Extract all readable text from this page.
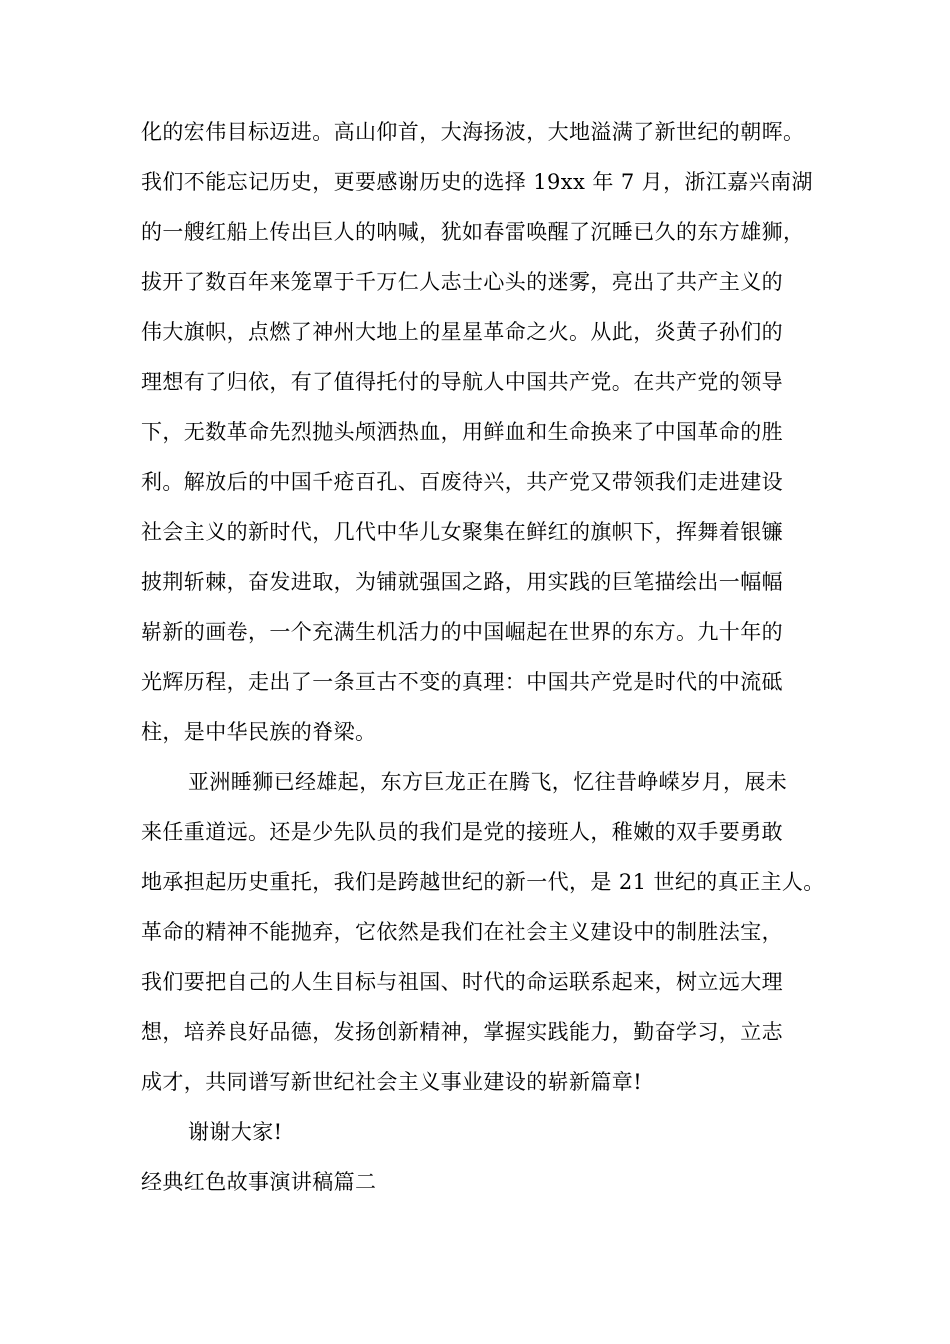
化的宏伟目标迈进。高山仰首，大海扬波，大地溢满了新世纪的朝晖。
我们不能忘记历史，更要感谢历史的选择 19xx 年 7 月，浙江嘉兴南湖
的一艘红船上传出巨人的呐喊，犹如春雷唤醒了沉睡已久的东方雄狮，
拔开了数百年来笼罩于千万仁人志士心头的迷雾，亮出了共产主义的
伟大旗帜，点燃了神州大地上的星星革命之火。从此，炎黄子孙们的
理想有了归依，有了值得托付的导航人中国共产党。在共产党的领导
下，无数革命先烈抛头颅洒热血，用鲜血和生命换来了中国革命的胜
利。解放后的中国千疮百孔、百废待兴，共产党又带领我们走进建设
社会主义的新时代，几代中华儿女聚集在鲜红的旗帜下，挥舞着银镰
披荆斩棘，奋发进取，为铺就强国之路，用实践的巨笔描绘出一幅幅
崭新的画卷，一个充满生机活力的中国崛起在世界的东方。九十年的
光辉历程，走出了一条亘古不变的真理：中国共产党是时代的中流砥
柱，是中华民族的脊梁。
亚洲睡狮已经雄起，东方巨龙正在腾飞，忆往昔峥嵘岁月，展未
来任重道远。还是少先队员的我们是党的接班人，稚嫩的双手要勇敢
地承担起历史重托，我们是跨越世纪的新一代，是 21 世纪的真正主人。
革命的精神不能抛弃，它依然是我们在社会主义建设中的制胜法宝，
我们要把自己的人生目标与祖国、时代的命运联系起来，树立远大理
想，培养良好品德，发扬创新精神，掌握实践能力，勤奋学习，立志
成才，共同谱写新世纪社会主义事业建设的崭新篇章!
谢谢大家!
经典红色故事演讲稿篇二
